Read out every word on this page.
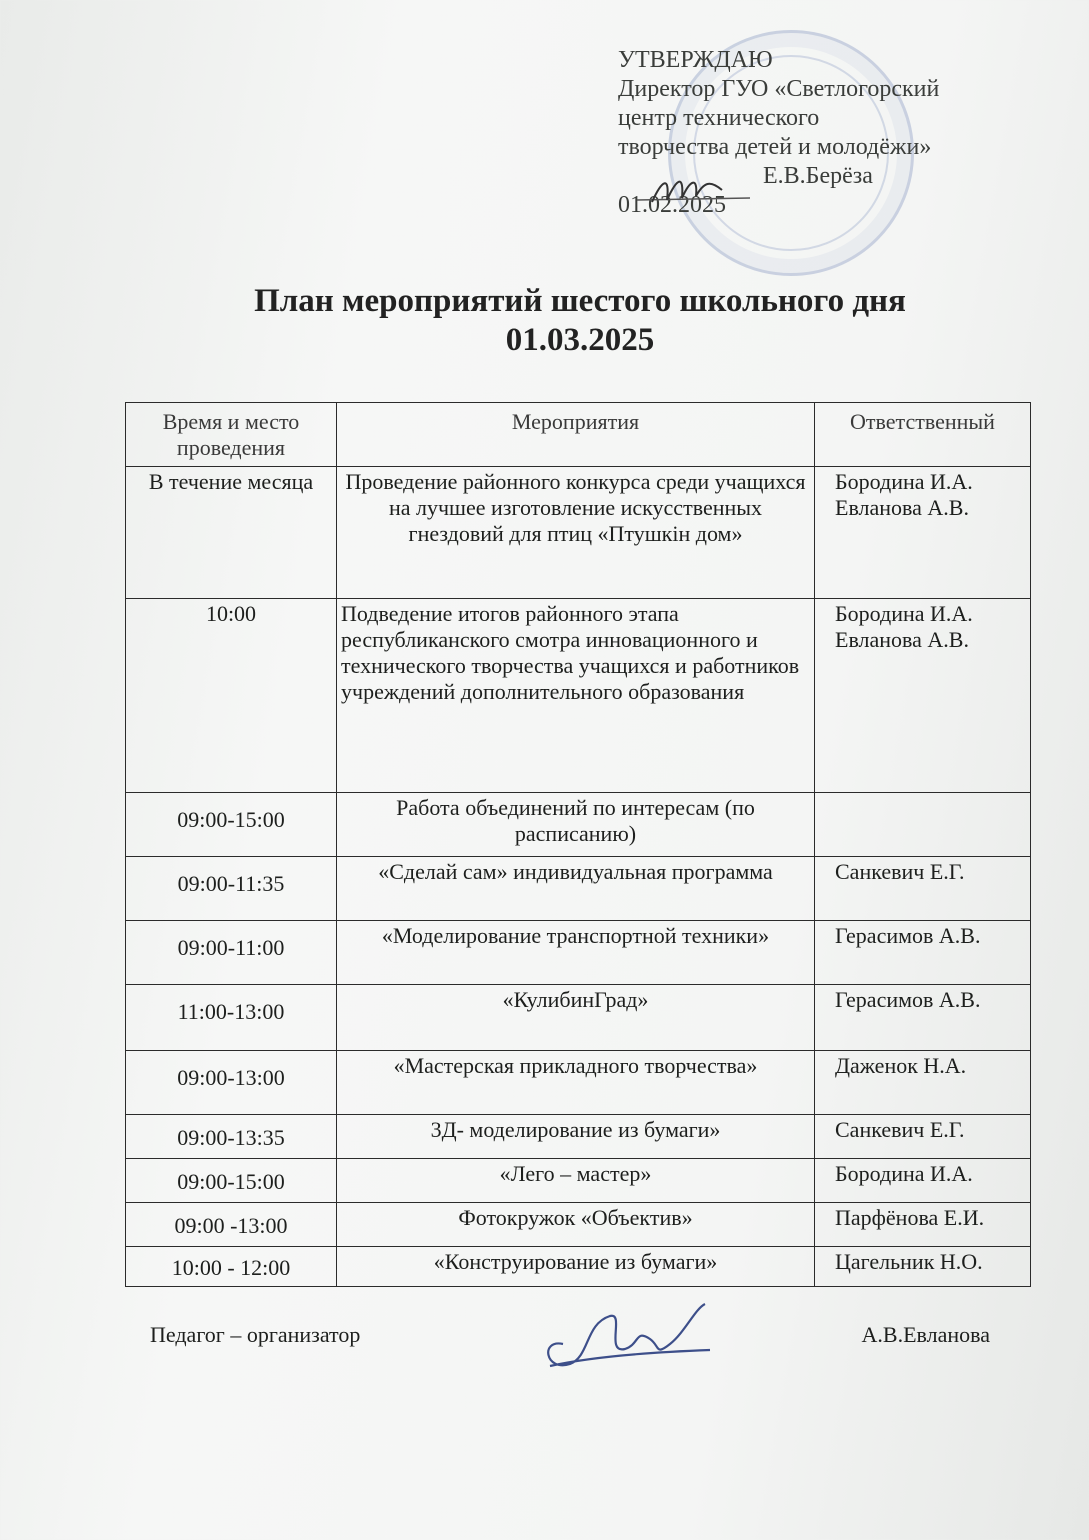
УТВЕРЖДАЮ
Директор ГУО «Светлогорский
центр технического
творчества детей и молодёжи»
Е.В.Берёза
01.02.2025
План мероприятий шестого школьного дня
01.03.2025
Время и место проведения	Мероприятия	Ответственный
В течение месяца	Проведение районного конкурса среди учащихся на лучшее изготовление искусственных гнездовий для птиц «Птушкін дом»	Бородина И.А. Евланова А.В.
10:00	Подведение итогов районного этапа республиканского смотра инновационного и технического творчества учащихся и работников учреждений дополнительного образования	Бородина И.А. Евланова А.В.
09:00-15:00	Работа объединений по интересам (по расписанию)	
09:00-11:35	«Сделай сам» индивидуальная программа	Санкевич Е.Г.
09:00-11:00	«Моделирование транспортной техники»	Герасимов А.В.
11:00-13:00	«КулибинГрад»	Герасимов А.В.
09:00-13:00	«Мастерская прикладного творчества»	Даженок Н.А.
09:00-13:35	3Д- моделирование из бумаги»	Санкевич Е.Г.
09:00-15:00	«Лего – мастер»	Бородина И.А.
09:00 -13:00	Фотокружок «Объектив»	Парфёнова Е.И.
10:00 - 12:00	«Конструирование из бумаги»	Цагельник Н.О.
Педагог – организатор	А.В.Евланова
